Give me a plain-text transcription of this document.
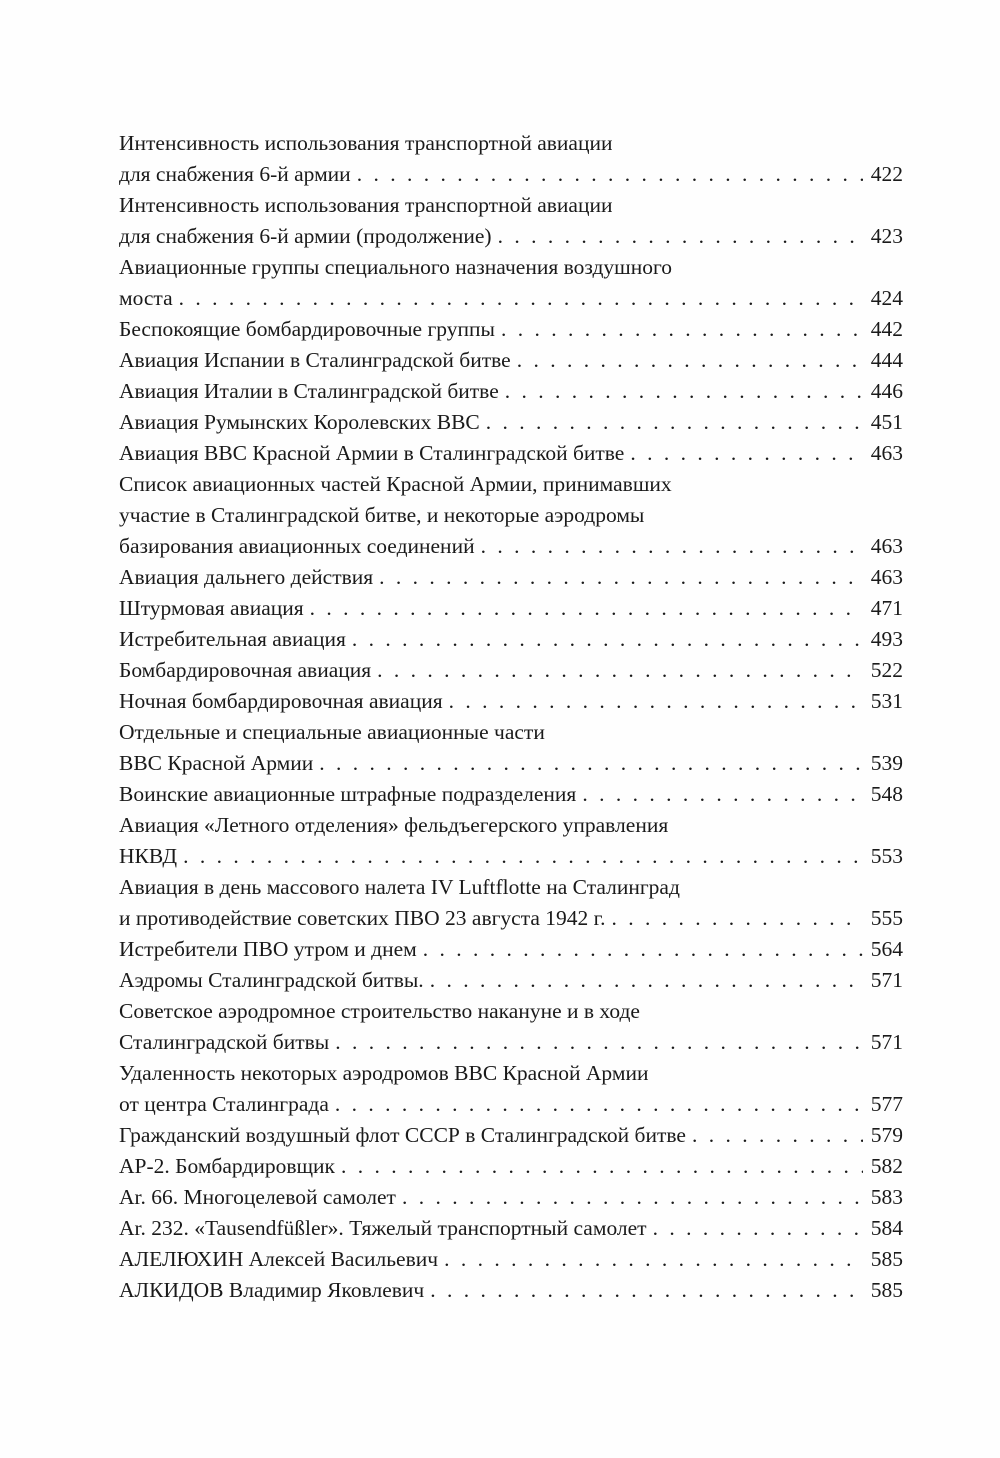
Интенсивность использования транспортной авиации
для снабжения 6-й армии . . .	422
Интенсивность использования транспортной авиации
для снабжения 6-й армии (продолжение) . . .	423
Авиационные группы специального назначения воздушного
моста . . .	424
Беспокоящие бомбардировочные группы . . .	442
Авиация Испании в Сталинградской битве . . .	444
Авиация Италии в Сталинградской битве . . .	446
Авиация Румынских Королевских ВВС . . .	451
Авиация ВВС Красной Армии в Сталинградской битве . . .	463
Список авиационных частей Красной Армии, принимавших
участие в Сталинградской битве, и некоторые аэродромы
базирования авиационных соединений . . .	463
Авиация дальнего действия . . .	463
Штурмовая авиация . . .	471
Истребительная авиация . . .	493
Бомбардировочная авиация . . .	522
Ночная бомбардировочная авиация . . .	531
Отдельные и специальные авиационные части
ВВС Красной Армии . . .	539
Воинские авиационные штрафные подразделения . . .	548
Авиация «Летного отделения» фельдъегерского управления
НКВД . . .	553
Авиация в день массового налета IV Luftflotte на Сталинград
и противодействие советских ПВО 23 августа 1942 г. . . .	555
Истребители ПВО утром и днем . . .	564
Аэдромы Сталинградской битвы. . . .	571
Советское аэродромное строительство накануне и в ходе
Сталинградской битвы . . .	571
Удаленность некоторых аэродромов ВВС Красной Армии
от центра Сталинграда . . .	577
Гражданский воздушный флот СССР в Сталинградской битве . . .	579
АР-2. Бомбардировщик . . .	582
Ar. 66. Многоцелевой самолет . . .	583
Ar. 232. «Tausendfüßler». Тяжелый транспортный самолет . . .	584
АЛЕЛЮХИН Алексей Васильевич . . .	585
АЛКИДОВ Владимир Яковлевич . . .	585
